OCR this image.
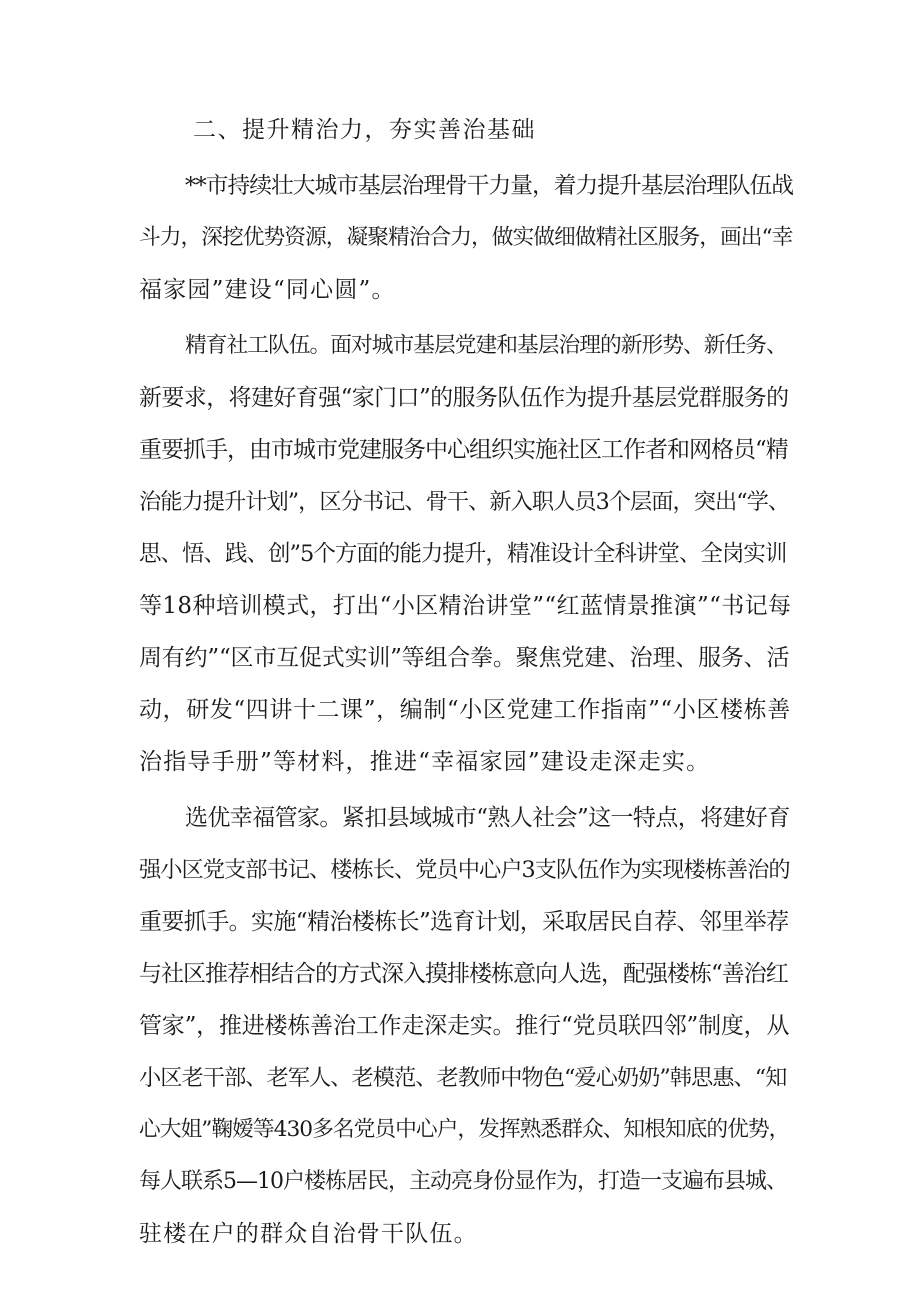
二、提升精治力，夯实善治基础
**市持续壮大城市基层治理骨干力量，着力提升基层治理队伍战
斗力，深挖优势资源，凝聚精治合力，做实做细做精社区服务，画出“幸
福家园”建设“同心圆”。
精育社工队伍。面对城市基层党建和基层治理的新形势、新任务、
新要求，将建好育强“家门口”的服务队伍作为提升基层党群服务的
重要抓手，由市城市党建服务中心组织实施社区工作者和网格员“精
治能力提升计划”，区分书记、骨干、新入职人员3个层面，突出“学、
思、悟、践、创”5个方面的能力提升，精准设计全科讲堂、全岗实训
等18种培训模式，打出“小区精治讲堂”“红蓝情景推演”“书记每
周有约”“区市互促式实训”等组合拳。聚焦党建、治理、服务、活
动，研发“四讲十二课”，编制“小区党建工作指南”“小区楼栋善
治指导手册”等材料，推进“幸福家园”建设走深走实。
选优幸福管家。紧扣县域城市“熟人社会”这一特点，将建好育
强小区党支部书记、楼栋长、党员中心户3支队伍作为实现楼栋善治的
重要抓手。实施“精治楼栋长”选育计划，采取居民自荐、邻里举荐
与社区推荐相结合的方式深入摸排楼栋意向人选，配强楼栋“善治红
管家”，推进楼栋善治工作走深走实。推行“党员联四邻”制度，从
小区老干部、老军人、老模范、老教师中物色“爱心奶奶”韩思惠、“知
心大姐”鞠嫒等430多名党员中心户，发挥熟悉群众、知根知底的优势，
每人联系5—10户楼栋居民，主动亮身份显作为，打造一支遍布县城、
驻楼在户的群众自治骨干队伍。
